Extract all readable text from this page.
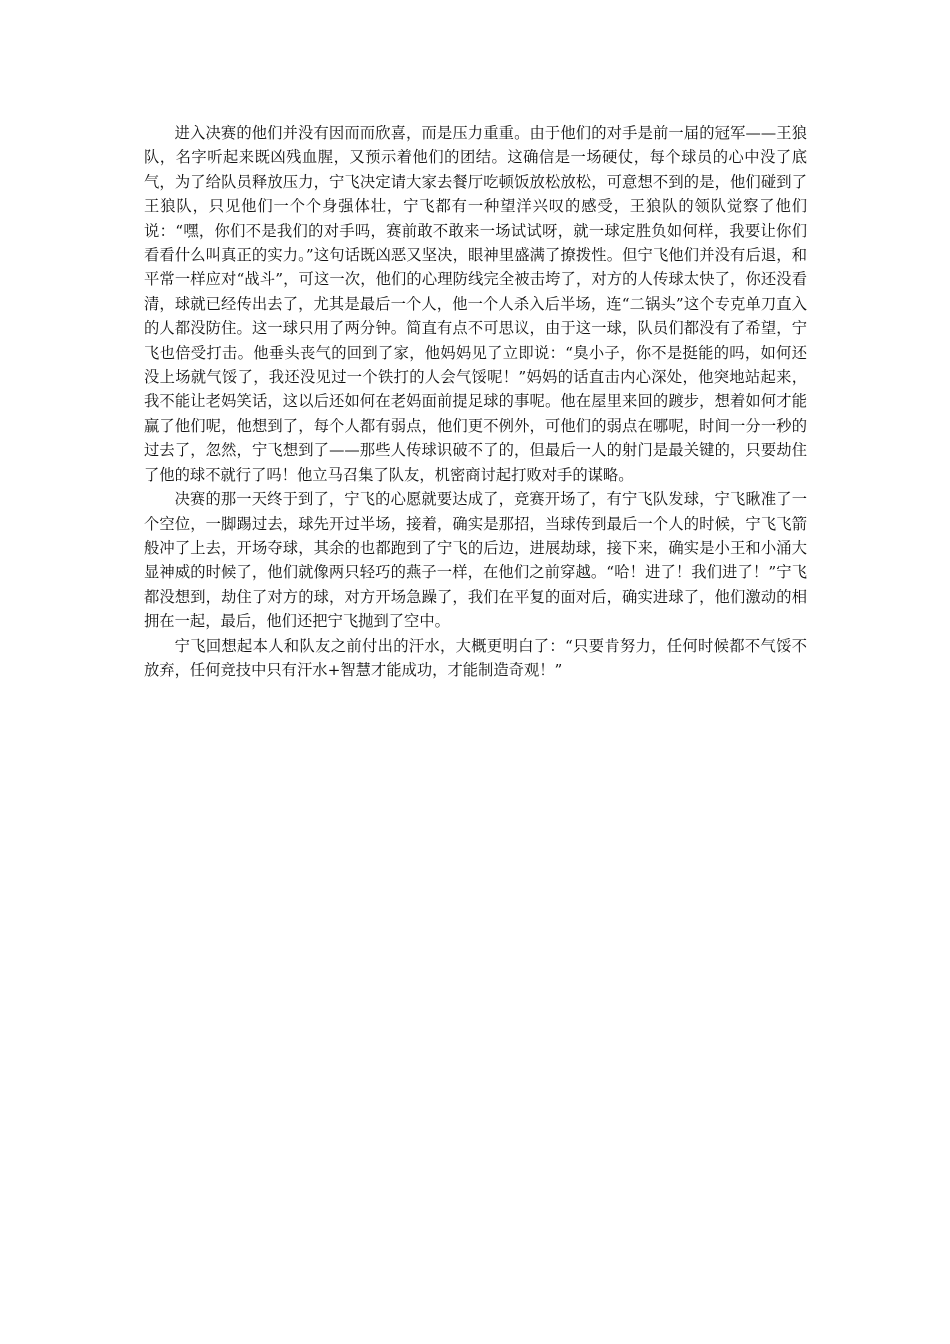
进入决赛的他们并没有因而而欣喜，而是压力重重。由于他们的对手是前一届的冠军——王狼队，名字听起来既凶残血腥，又预示着他们的团结。这确信是一场硬仗，每个球员的心中没了底气，为了给队员释放压力，宁飞决定请大家去餐厅吃顿饭放松放松，可意想不到的是，他们碰到了王狼队，只见他们一个个身强体壮，宁飞都有一种望洋兴叹的感受，王狼队的领队觉察了他们说：“嘿，你们不是我们的对手吗，赛前敢不敢来一场试试呀，就一球定胜负如何样，我要让你们看看什么叫真正的实力。”这句话既凶恶又坚决，眼神里盛满了撩拨性。但宁飞他们并没有后退，和平常一样应对“战斗”，可这一次，他们的心理防线完全被击垮了，对方的人传球太快了，你还没看清，球就已经传出去了，尤其是最后一个人，他一个人杀入后半场，连“二锅头”这个专克单刀直入的人都没防住。这一球只用了两分钟。简直有点不可思议，由于这一球，队员们都没有了希望，宁飞也倍受打击。他垂头丧气的回到了家，他妈妈见了立即说：“臭小子，你不是挺能的吗，如何还没上场就气馁了，我还没见过一个铁打的人会气馁呢！”妈妈的话直击内心深处，他突地站起来，我不能让老妈笑话，这以后还如何在老妈面前提足球的事呢。他在屋里来回的踱步，想着如何才能赢了他们呢，他想到了，每个人都有弱点，他们更不例外，可他们的弱点在哪呢，时间一分一秒的过去了，忽然，宁飞想到了——那些人传球识破不了的，但最后一人的射门是最关键的，只要劫住了他的球不就行了吗！他立马召集了队友，机密商讨起打败对手的谋略。

决赛的那一天终于到了，宁飞的心愿就要达成了，竞赛开场了，有宁飞队发球，宁飞瞅准了一个空位，一脚踢过去，球先开过半场，接着，确实是那招，当球传到最后一个人的时候，宁飞飞箭般冲了上去，开场夺球，其余的也都跑到了宁飞的后边，进展劫球，接下来，确实是小王和小涌大显神威的时候了，他们就像两只轻巧的燕子一样，在他们之前穿越。“哈！进了！我们进了！”宁飞都没想到，劫住了对方的球，对方开场急躁了，我们在平复的面对后，确实进球了，他们激动的相拥在一起，最后，他们还把宁飞抛到了空中。

宁飞回想起本人和队友之前付出的汗水，大概更明白了：“只要肯努力，任何时候都不气馁不放弃，任何竞技中只有汗水+智慧才能成功，才能制造奇观！”
